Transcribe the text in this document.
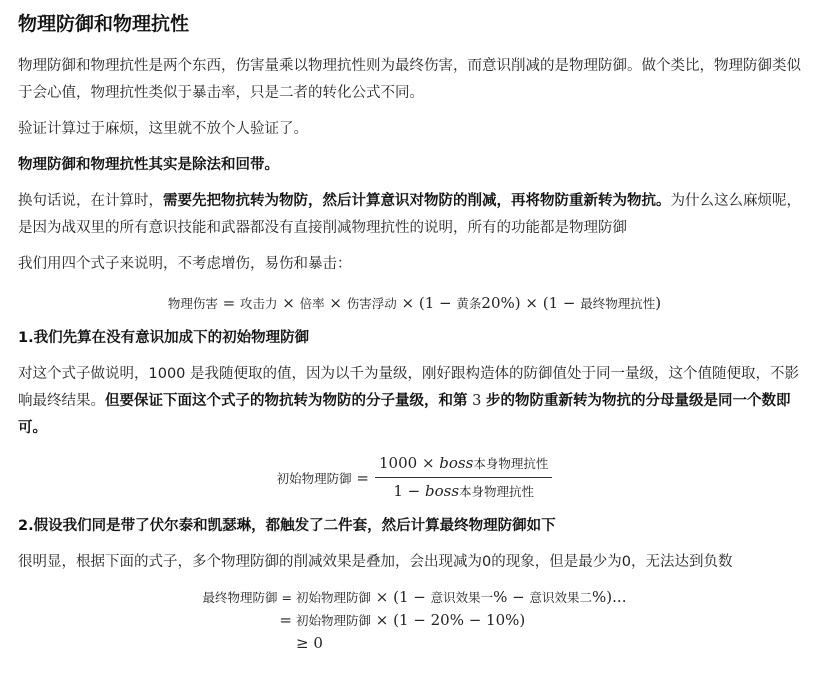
物理防御和物理抗性

物理防御和物理抗性是两个东西，伤害量乘以物理抗性则为最终伤害，而意识削减的是物理防御。做个类比，物理防御类似于会心值，物理抗性类似于暴击率，只是二者的转化公式不同。

验证计算过于麻烦，这里就不放个人验证了。

物理防御和物理抗性其实是除法和回带。

换句话说，在计算时，需要先把物抗转为物防，然后计算意识对物防的削减，再将物防重新转为物抗。为什么这么麻烦呢，是因为战双里的所有意识技能和武器都没有直接削减物理抗性的说明，所有的功能都是物理防御

我们用四个式子来说明，不考虑增伤，易伤和暴击：

物理伤害 = 攻击力 × 倍率 × 伤害浮动 × (1 − 黄条20%) × (1 − 最终物理抗性)
1.我们先算在没有意识加成下的初始物理防御

对这个式子做说明，1000 是我随便取的值，因为以千为量级，刚好跟构造体的防御值处于同一量级，这个值随便取，不影响最终结果。但要保证下面这个式子的物抗转为物防的分子量级，和第 3 步的物防重新转为物抗的分母量级是同一个数即可。

初始物理防御 = $\frac{\text{1000 × boss本身物理抗性}}{\text{1 − boss本身物理抗性}}$
2.假设我们同是带了伏尔泰和凯瑟琳，都触发了二件套，然后计算最终物理防御如下

很明显，根据下面的式子，多个物理防御的削减效果是叠加，会出现减为0的现象，但是最少为0，无法达到负数

最终物理防御 = 初始物理防御 × (1 − 意识效果一% − 意识效果二%)...
= 初始物理防御 × (1 − 20% − 10%)
≥ 0
